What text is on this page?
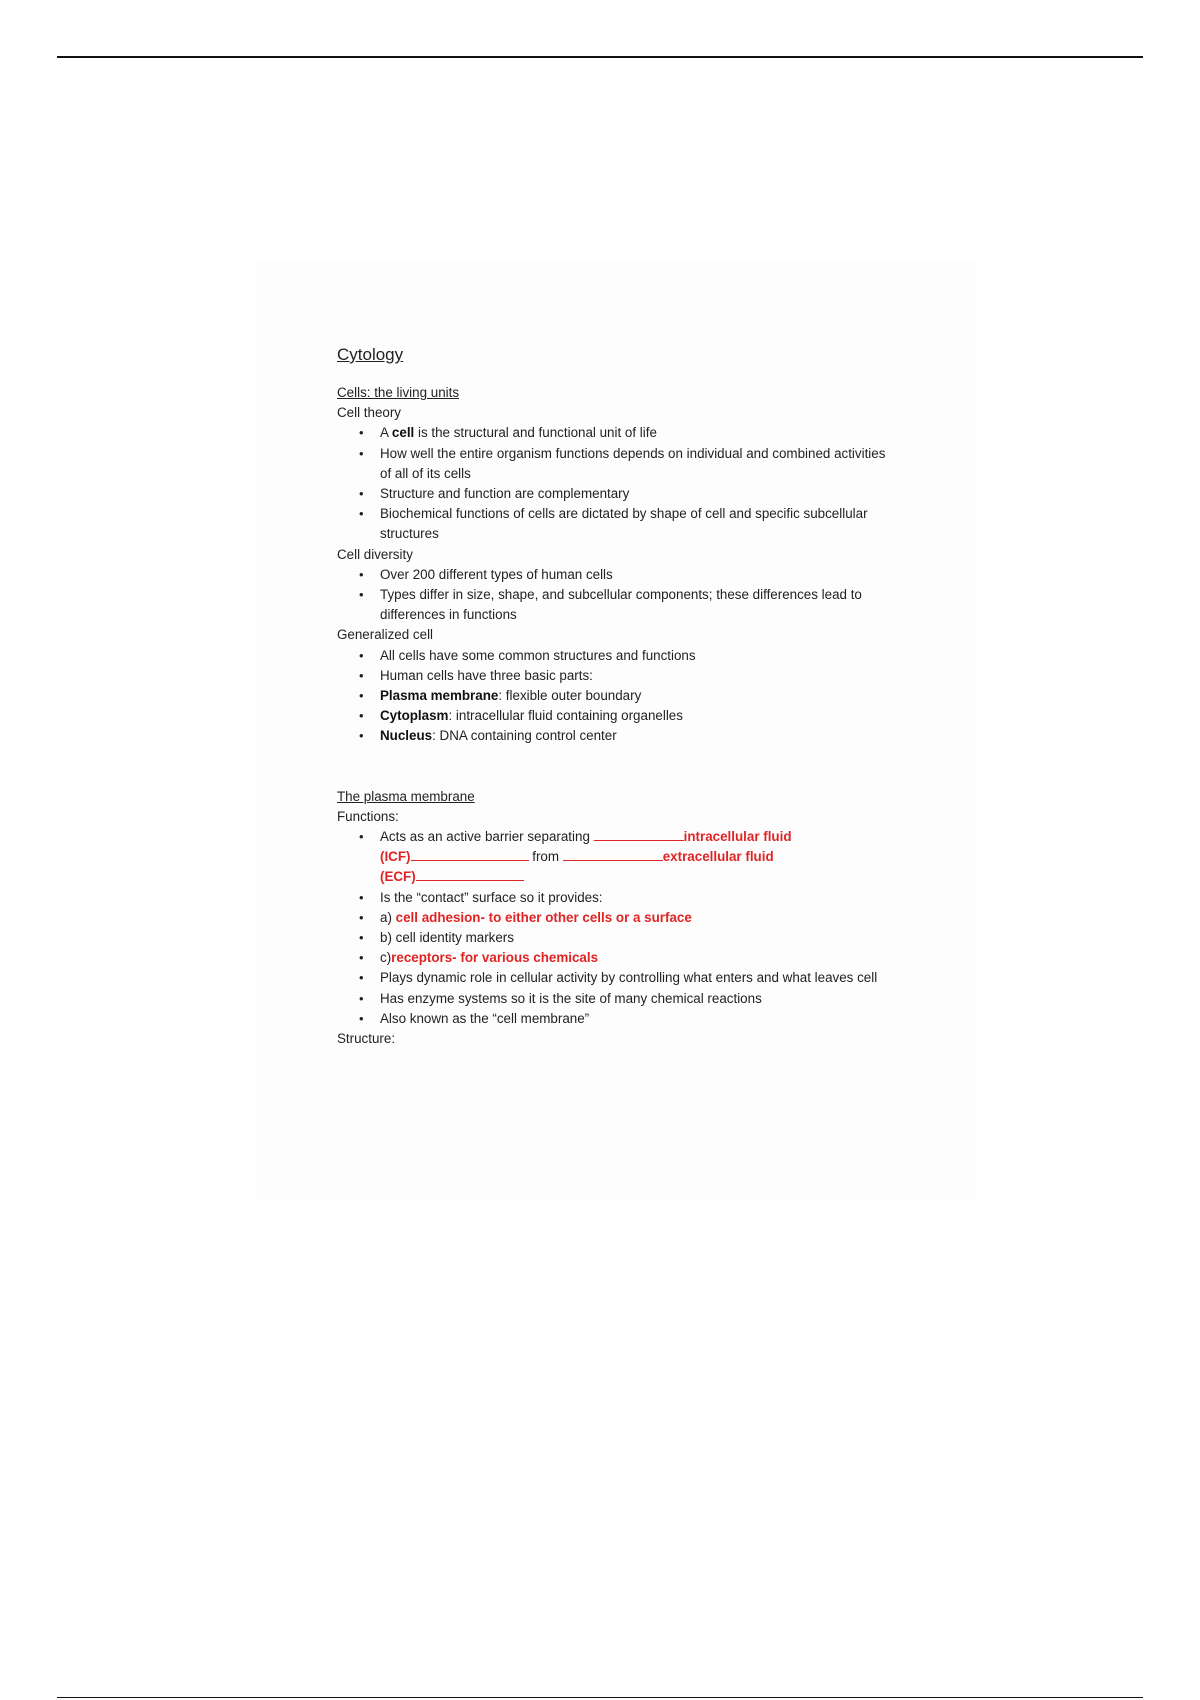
Cytology
Cells: the living units
Cell theory
• A cell is the structural and functional unit of life
• How well the entire organism functions depends on individual and combined activities of all of its cells
• Structure and function are complementary
• Biochemical functions of cells are dictated by shape of cell and specific subcellular structures
Cell diversity
• Over 200 different types of human cells
• Types differ in size, shape, and subcellular components; these differences lead to differences in functions
Generalized cell
• All cells have some common structures and functions
• Human cells have three basic parts:
• Plasma membrane: flexible outer boundary
• Cytoplasm: intracellular fluid containing organelles
• Nucleus: DNA containing control center
The plasma membrane
Functions:
• Acts as an active barrier separating	intracellular fluid
(ICF)	from	extracellular fluid
(ECF)
• Is the “contact” surface so it provides:
• a) cell adhesion- to either other cells or a surface
• b) cell identity markers
• c)receptors- for various chemicals
• Plays dynamic role in cellular activity by controlling what enters and what leaves cell
• Has enzyme systems so it is the site of many chemical reactions
• Also known as the “cell membrane”
Structure:
